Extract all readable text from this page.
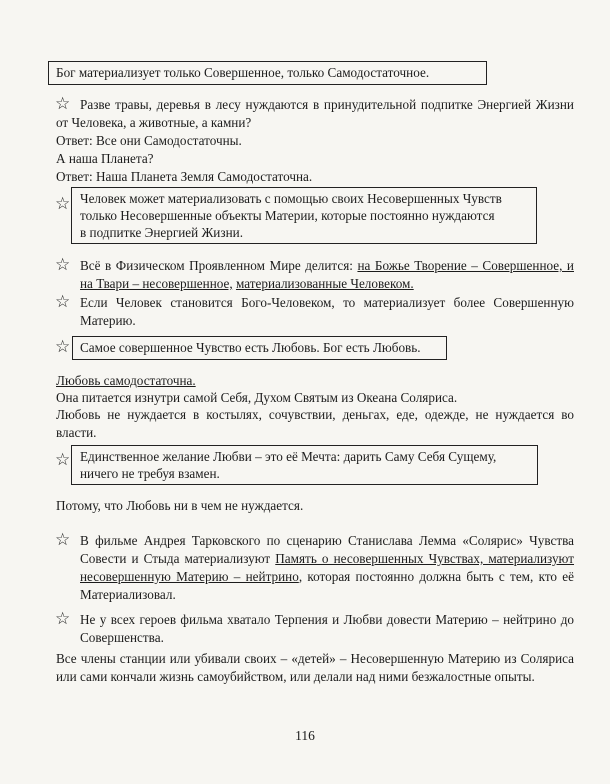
Бог материализует только Совершенное, только Самодостаточное.
☆ Разве травы, деревья в лесу нуждаются в принудительной подпитке Энергией Жизни от Человека, а животные, а камни?
Ответ: Все они Самодостаточны.
А наша Планета?
Ответ: Наша Планета Земля Самодостаточна.
☆ Человек может материализовать с помощью своих Несовершенных Чувств
только Несовершенные объекты Материи, которые постоянно нуждаются
в подпитке Энергией Жизни.
☆ Всё в Физическом Проявленном Мире делится: на Божье Творение – Совершенное, и на Твари – несовершенное, материализованные Человеком.
☆ Если Человек становится Бого-Человеком, то материализует более Совершенную Материю.
☆ Самое совершенное Чувство есть Любовь. Бог есть Любовь.
Любовь самодостаточна.
Она питается изнутри самой Себя, Духом Святым из Океана Соляриса.
Любовь не нуждается в костылях, сочувствии, деньгах, еде, одежде, не нуждается во власти.
☆ Единственное желание Любви – это её Мечта: дарить Саму Себя Сущему,
ничего не требуя взамен.
Потому, что Любовь ни в чем не нуждается.
☆ В фильме Андрея Тарковского по сценарию Станислава Лемма «Солярис» Чувства Совести и Стыда материализуют Память о несовершенных Чувствах, материализуют несовершенную Материю – нейтрино, которая постоянно должна быть с тем, кто её Материализовал.
☆ Не у всех героев фильма хватало Терпения и Любви довести Материю – нейтрино до Совершенства.
Все члены станции или убивали своих – «детей» – Несовершенную Материю из Соляриса или сами кончали жизнь самоубийством, или делали над ними безжалостные опыты.
116
